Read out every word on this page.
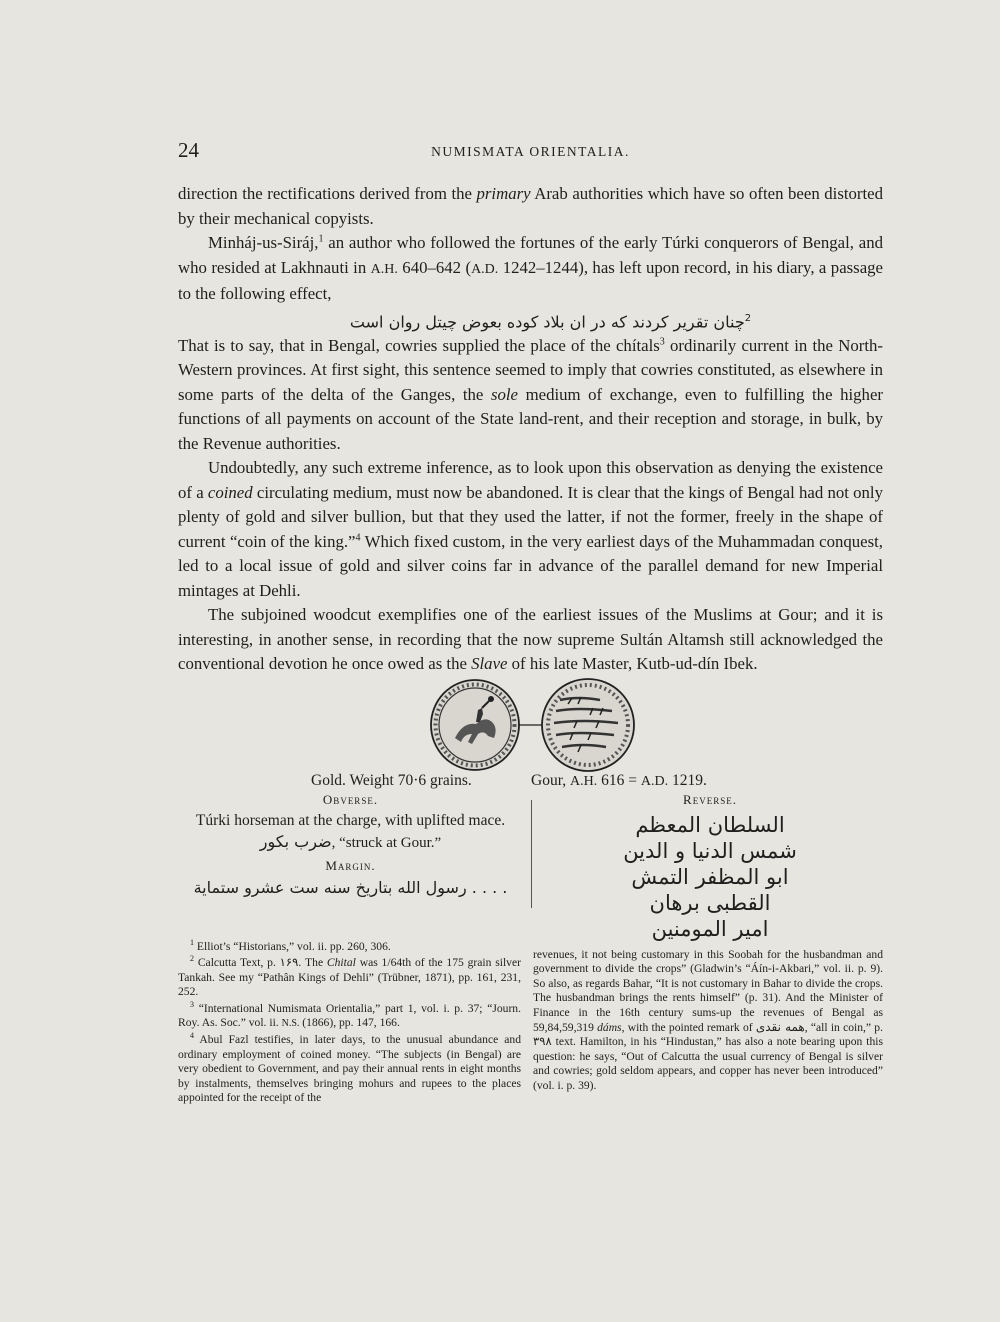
24	NUMISMATA ORIENTALIA.

direction the rectifications derived from the primary Arab authorities which have so often been distorted by their mechanical copyists.

Minháj-us-Siráj,$^1$ an author who followed the fortunes of the early Túrki conquerors of Bengal, and who resided at Lakhnauti in A.H. 640–642 (A.D. 1242–1244), has left upon record, in his diary, a passage to the following effect,

$^2$چنان تقریر کردند که در ان بلاد کوده بعوض چیتل روان است

That is to say, that in Bengal, cowries supplied the place of the chítals$^3$ ordinarily current in the North-Western provinces. At first sight, this sentence seemed to imply that cowries constituted, as elsewhere in some parts of the delta of the Ganges, the sole medium of exchange, even to fulfilling the higher functions of all payments on account of the State land-rent, and their reception and storage, in bulk, by the Revenue authorities.

Undoubtedly, any such extreme inference, as to look upon this observation as denying the existence of a coined circulating medium, must now be abandoned. It is clear that the kings of Bengal had not only plenty of gold and silver bullion, but that they used the latter, if not the former, freely in the shape of current “coin of the king.”$^4$ Which fixed custom, in the very earliest days of the Muhammadan conquest, led to a local issue of gold and silver coins far in advance of the parallel demand for new Imperial mintages at Dehli.

The subjoined woodcut exemplifies one of the earliest issues of the Muslims at Gour; and it is interesting, in another sense, in recording that the now supreme Sultán Altamsh still acknowledged the conventional devotion he once owed as the Slave of his late Master, Kutb-ud-dín Ibek.

Gold. Weight 70·6 grains.	Gour, A.H. 616 = A.D. 1219.

Obverse.

Túrki horseman at the charge, with uplifted mace.

ضرب بکور, “struck at Gour.”

Margin.

رسول الله بتاریخ سنه ست عشرو ستمایة . . . .

Reverse.

السلطان المعظم

شمس الدنیا و الدین

ابو المظفر التمش

القطبی برهان

امیر المومنین

$^1$ Elliot’s “Historians,” vol. ii. pp. 260, 306.

$^2$ Calcutta Text, p. ۱۶۹. The Chital was 1/64th of the 175 grain silver Tankah. See my “Pathân Kings of Dehli” (Trübner, 1871), pp. 161, 231, 252.

$^3$ “International Numismata Orientalia,” part 1, vol. i. p. 37; “Journ. Roy. As. Soc.” vol. ii. N.S. (1866), pp. 147, 166.

$^4$ Abul Fazl testifies, in later days, to the unusual abundance and ordinary employment of coined money. “The subjects (in Bengal) are very obedient to Government, and pay their annual rents in eight months by instalments, themselves bringing mohurs and rupees to the places appointed for the receipt of the

revenues, it not being customary in this Soobah for the husbandman and government to divide the crops” (Gladwin’s “Áín-i-Akbari,” vol. ii. p. 9). So also, as regards Bahar, “It is not customary in Bahar to divide the crops. The husbandman brings the rents himself” (p. 31). And the Minister of Finance in the 16th century sums-up the revenues of Bengal as 59,84,59,319 dáms, with the pointed remark of همه نقدی, “all in coin,” p. ۳۹۸ text. Hamilton, in his “Hindustan,” has also a note bearing upon this question: he says, “Out of Calcutta the usual currency of Bengal is silver and cowries; gold seldom appears, and copper has never been introduced” (vol. i. p. 39).
